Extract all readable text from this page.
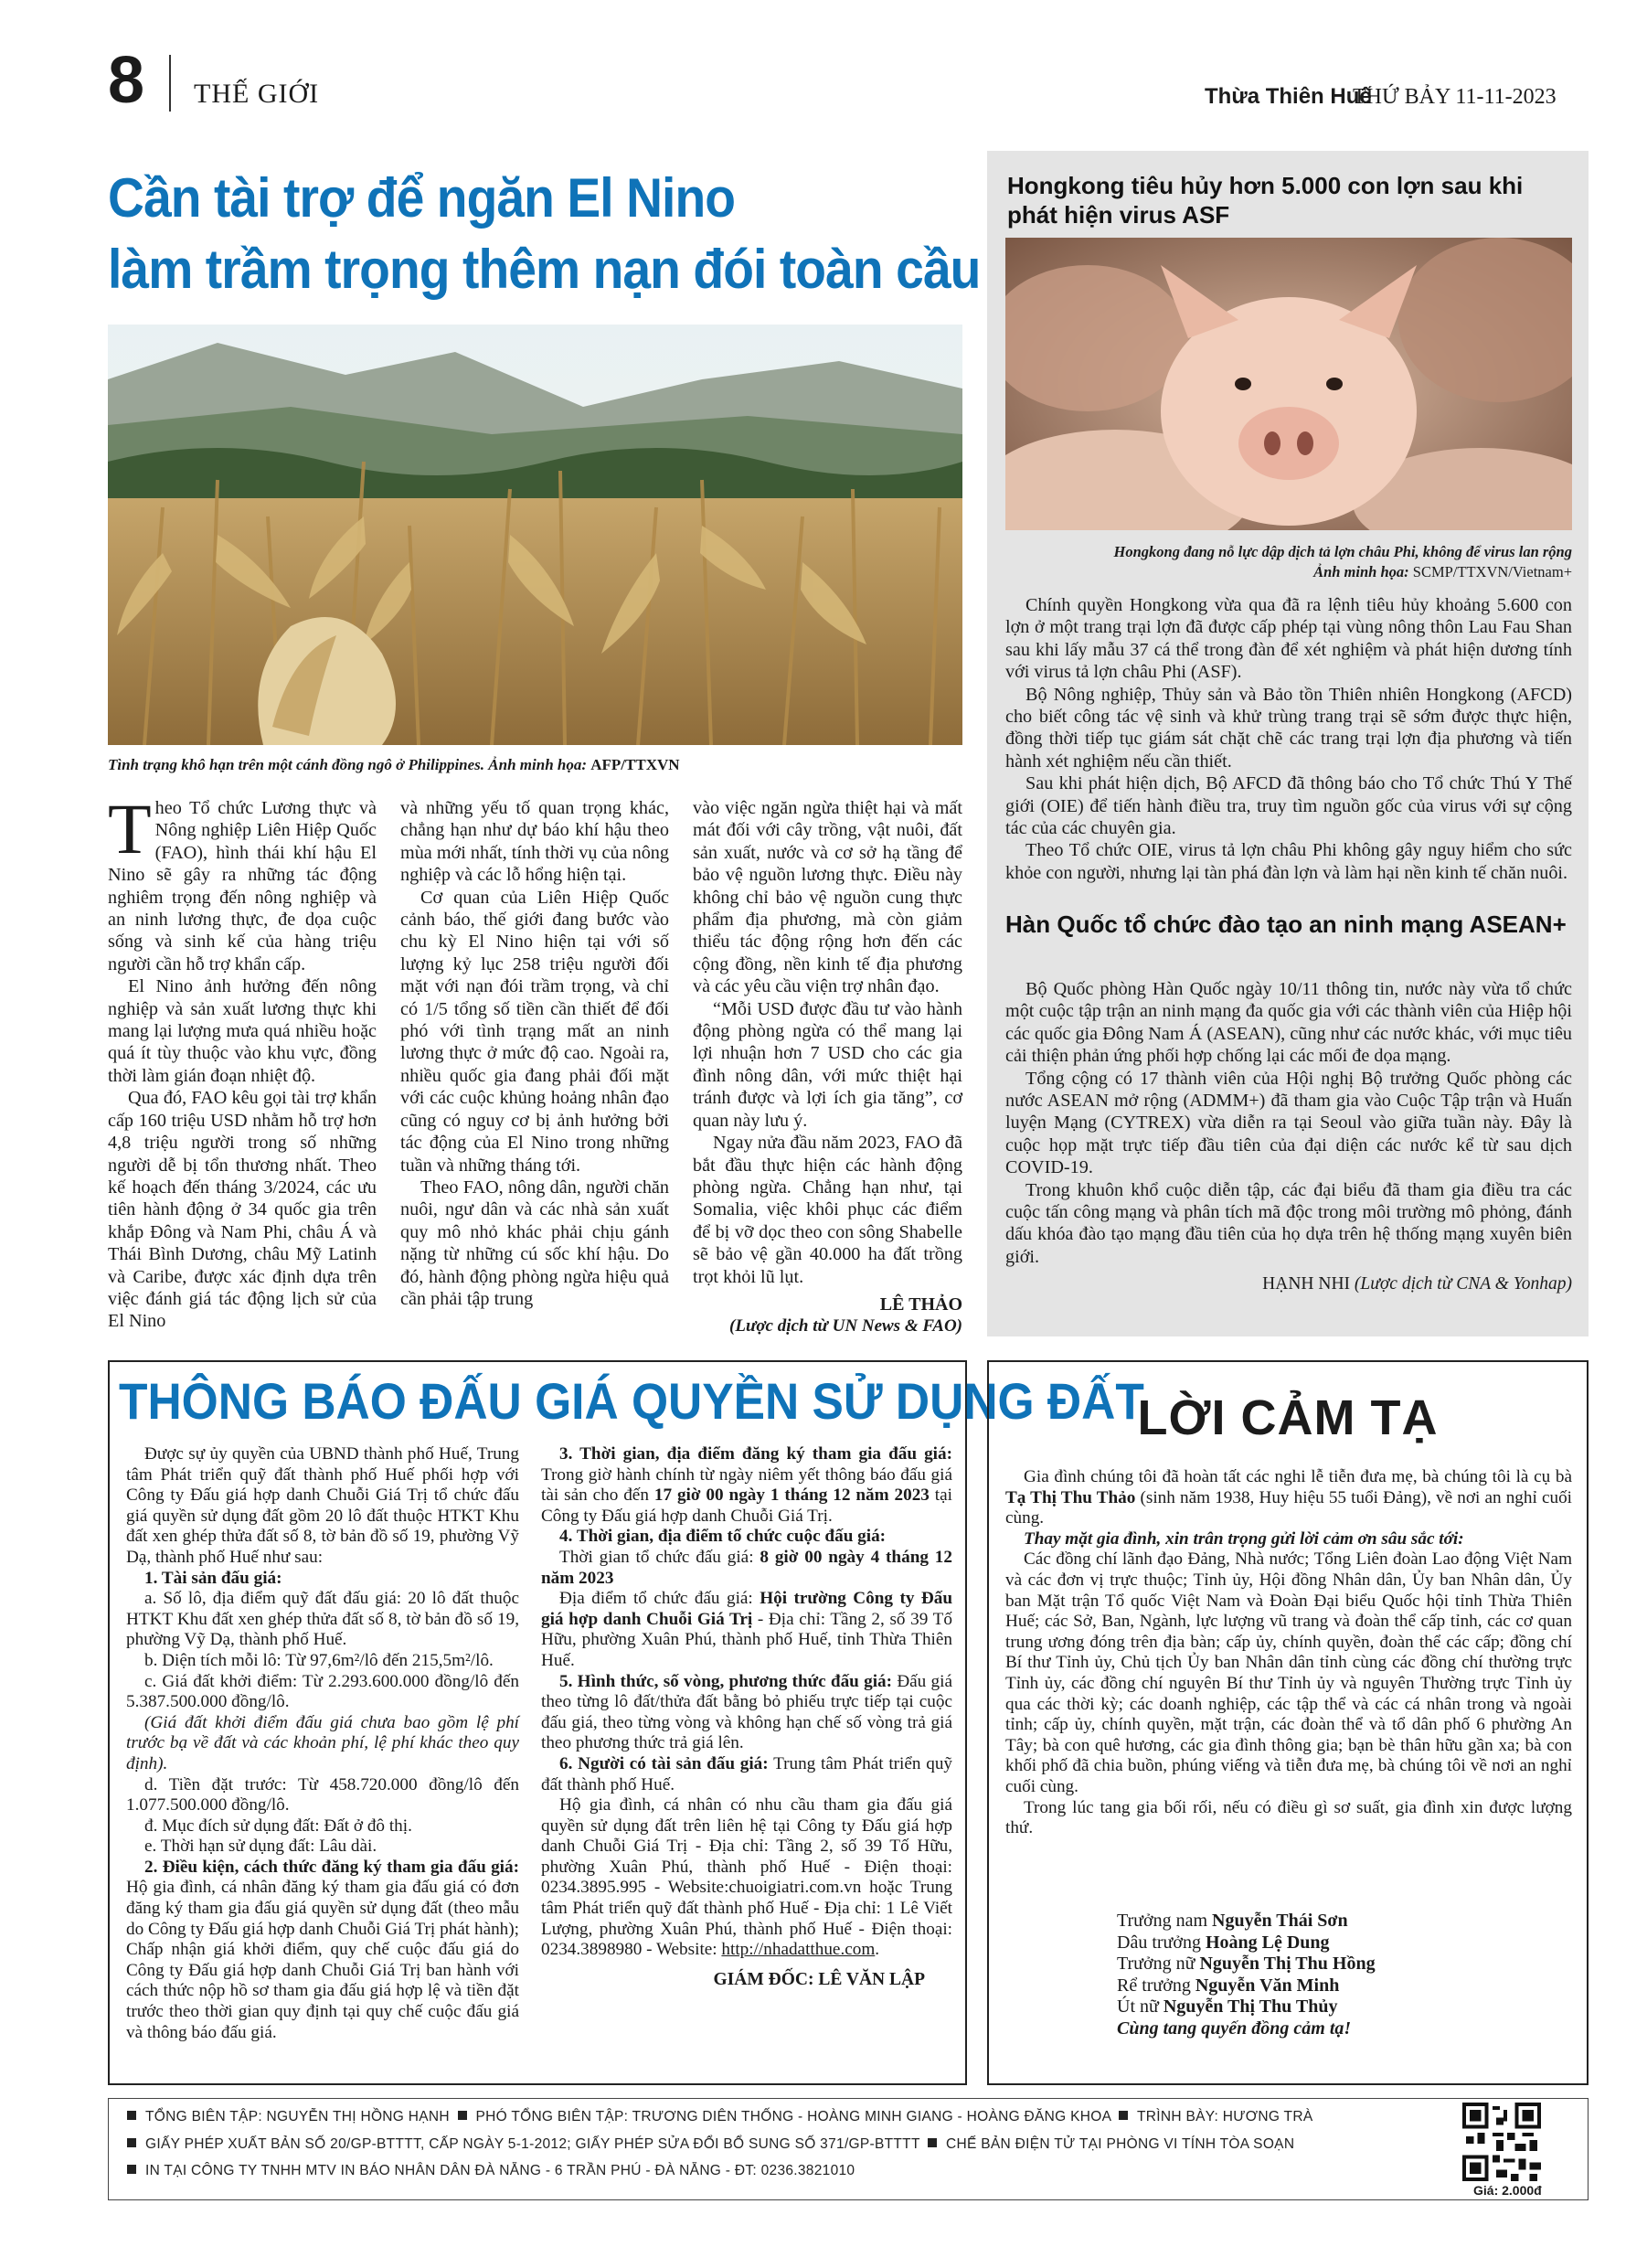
8 THẾ GIỚI	Thừa Thiên Huế
THỨ BẢY 11-11-2023
Cần tài trợ để ngăn El Nino
làm trầm trọng thêm nạn đói toàn cầu
Tình trạng khô hạn trên một cánh đồng ngô ở Philippines. Ảnh minh họa: AFP/TTXVN

Theo Tổ chức Lương thực và Nông nghiệp Liên Hiệp Quốc (FAO), hình thái khí hậu El Nino sẽ gây ra những tác động nghiêm trọng đến nông nghiệp và an ninh lương thực, đe dọa cuộc sống và sinh kế của hàng triệu người cần hỗ trợ khẩn cấp.

El Nino ảnh hưởng đến nông nghiệp và sản xuất lương thực khi mang lại lượng mưa quá nhiều hoặc quá ít tùy thuộc vào khu vực, đồng thời làm gián đoạn nhiệt độ.

Qua đó, FAO kêu gọi tài trợ khẩn cấp 160 triệu USD nhằm hỗ trợ hơn 4,8 triệu người trong số những người dễ bị tổn thương nhất. Theo kế hoạch đến tháng 3/2024, các ưu tiên hành động ở 34 quốc gia trên khắp Đông và Nam Phi, châu Á và Thái Bình Dương, châu Mỹ Latinh và Caribe, được xác định dựa trên việc đánh giá tác động lịch sử của El Nino

và những yếu tố quan trọng khác, chẳng hạn như dự báo khí hậu theo mùa mới nhất, tính thời vụ của nông nghiệp và các lỗ hổng hiện tại.

Cơ quan của Liên Hiệp Quốc cảnh báo, thế giới đang bước vào chu kỳ El Nino hiện tại với số lượng kỷ lục 258 triệu người đối mặt với nạn đói trầm trọng, và chỉ có 1/5 tổng số tiền cần thiết để đối phó với tình trạng mất an ninh lương thực ở mức độ cao. Ngoài ra, nhiều quốc gia đang phải đối mặt với các cuộc khủng hoảng nhân đạo cũng có nguy cơ bị ảnh hưởng bởi tác động của El Nino trong những tuần và những tháng tới.

Theo FAO, nông dân, người chăn nuôi, ngư dân và các nhà sản xuất quy mô nhỏ khác phải chịu gánh nặng từ những cú sốc khí hậu. Do đó, hành động phòng ngừa hiệu quả cần phải tập trung

vào việc ngăn ngừa thiệt hại và mất mát đối với cây trồng, vật nuôi, đất sản xuất, nước và cơ sở hạ tầng để bảo vệ nguồn lương thực. Điều này không chỉ bảo vệ nguồn cung thực phẩm địa phương, mà còn giảm thiểu tác động rộng hơn đến các cộng đồng, nền kinh tế địa phương và các yêu cầu viện trợ nhân đạo.

“Mỗi USD được đầu tư vào hành động phòng ngừa có thể mang lại lợi nhuận hơn 7 USD cho các gia đình nông dân, với mức thiệt hại tránh được và lợi ích gia tăng”, cơ quan này lưu ý.

Ngay nửa đầu năm 2023, FAO đã bắt đầu thực hiện các hành động phòng ngừa. Chẳng hạn như, tại Somalia, việc khôi phục các điểm để bị vỡ dọc theo con sông Shabelle sẽ bảo vệ gần 40.000 ha đất trồng trọt khỏi lũ lụt.

LÊ THẢO
(Lược dịch từ UN News & FAO)
Hongkong tiêu hủy hơn 5.000 con lợn sau khi phát hiện virus ASF
Hongkong đang nỗ lực dập dịch tả lợn châu Phi, không để virus lan rộng
Ảnh minh họa: SCMP/TTXVN/Vietnam+

Chính quyền Hongkong vừa qua đã ra lệnh tiêu hủy khoảng 5.600 con lợn ở một trang trại lợn đã được cấp phép tại vùng nông thôn Lau Fau Shan sau khi lấy mẫu 37 cá thể trong đàn để xét nghiệm và phát hiện dương tính với virus tả lợn châu Phi (ASF).

Bộ Nông nghiệp, Thủy sản và Bảo tồn Thiên nhiên Hongkong (AFCD) cho biết công tác vệ sinh và khử trùng trang trại sẽ sớm được thực hiện, đồng thời tiếp tục giám sát chặt chẽ các trang trại lợn địa phương và tiến hành xét nghiệm nếu cần thiết.

Sau khi phát hiện dịch, Bộ AFCD đã thông báo cho Tổ chức Thú Y Thế giới (OIE) để tiến hành điều tra, truy tìm nguồn gốc của virus với sự cộng tác của các chuyên gia.

Theo Tổ chức OIE, virus tả lợn châu Phi không gây nguy hiểm cho sức khỏe con người, nhưng lại tàn phá đàn lợn và làm hại nền kinh tế chăn nuôi.

Hàn Quốc tổ chức đào tạo an ninh mạng ASEAN+

Bộ Quốc phòng Hàn Quốc ngày 10/11 thông tin, nước này vừa tổ chức một cuộc tập trận an ninh mạng đa quốc gia với các thành viên của Hiệp hội các quốc gia Đông Nam Á (ASEAN), cũng như các nước khác, với mục tiêu cải thiện phản ứng phối hợp chống lại các mối đe dọa mạng.

Tổng cộng có 17 thành viên của Hội nghị Bộ trưởng Quốc phòng các nước ASEAN mở rộng (ADMM+) đã tham gia vào Cuộc Tập trận và Huấn luyện Mạng (CYTREX) vừa diễn ra tại Seoul vào giữa tuần này. Đây là cuộc họp mặt trực tiếp đầu tiên của đại diện các nước kể từ sau dịch COVID-19.

Trong khuôn khổ cuộc diễn tập, các đại biểu đã tham gia điều tra các cuộc tấn công mạng và phân tích mã độc trong môi trường mô phỏng, đánh dấu khóa đào tạo mạng đầu tiên của họ dựa trên hệ thống mạng xuyên biên giới.

HẠNH NHI (Lược dịch từ CNA & Yonhap)
THÔNG BÁO ĐẤU GIÁ QUYỀN SỬ DỤNG ĐẤT

Được sự ủy quyền của UBND thành phố Huế, Trung tâm Phát triển quỹ đất thành phố Huế phối hợp với Công ty Đấu giá hợp danh Chuỗi Giá Trị tổ chức đấu giá quyền sử dụng đất gồm 20 lô đất thuộc HTKT Khu đất xen ghép thửa đất số 8, tờ bản đồ số 19, phường Vỹ Dạ, thành phố Huế như sau:

1. Tài sản đấu giá:

a. Số lô, địa điểm quỹ đất đấu giá: 20 lô đất thuộc HTKT Khu đất xen ghép thửa đất số 8, tờ bản đồ số 19, phường Vỹ Dạ, thành phố Huế.

b. Diện tích mỗi lô: Từ 97,6m²/lô đến 215,5m²/lô.

c. Giá đất khởi điểm: Từ 2.293.600.000 đồng/lô đến 5.387.500.000 đồng/lô.

(Giá đất khởi điểm đấu giá chưa bao gồm lệ phí trước bạ về đất và các khoản phí, lệ phí khác theo quy định).

d. Tiền đặt trước: Từ 458.720.000 đồng/lô đến 1.077.500.000 đồng/lô.

đ. Mục đích sử dụng đất: Đất ở đô thị.

e. Thời hạn sử dụng đất: Lâu dài.

2. Điều kiện, cách thức đăng ký tham gia đấu giá: Hộ gia đình, cá nhân đăng ký tham gia đấu giá có đơn đăng ký tham gia đấu giá quyền sử dụng đất (theo mẫu do Công ty Đấu giá hợp danh Chuỗi Giá Trị phát hành); Chấp nhận giá khởi điểm, quy chế cuộc đấu giá do Công ty Đấu giá hợp danh Chuỗi Giá Trị ban hành với cách thức nộp hồ sơ tham gia đấu giá hợp lệ và tiền đặt trước theo thời gian quy định tại quy chế cuộc đấu giá và thông báo đấu giá.

3. Thời gian, địa điểm đăng ký tham gia đấu giá: Trong giờ hành chính từ ngày niêm yết thông báo đấu giá tài sản cho đến 17 giờ 00 ngày 1 tháng 12 năm 2023 tại Công ty Đấu giá hợp danh Chuỗi Giá Trị.

4. Thời gian, địa điểm tổ chức cuộc đấu giá:

Thời gian tổ chức đấu giá: 8 giờ 00 ngày 4 tháng 12 năm 2023

Địa điểm tổ chức đấu giá: Hội trường Công ty Đấu giá hợp danh Chuỗi Giá Trị - Địa chỉ: Tầng 2, số 39 Tố Hữu, phường Xuân Phú, thành phố Huế, tỉnh Thừa Thiên Huế.

5. Hình thức, số vòng, phương thức đấu giá: Đấu giá theo từng lô đất/thửa đất bằng bỏ phiếu trực tiếp tại cuộc đấu giá, theo từng vòng và không hạn chế số vòng trả giá theo phương thức trả giá lên.

6. Người có tài sản đấu giá: Trung tâm Phát triển quỹ đất thành phố Huế.

Hộ gia đình, cá nhân có nhu cầu tham gia đấu giá quyền sử dụng đất trên liên hệ tại Công ty Đấu giá hợp danh Chuỗi Giá Trị - Địa chỉ: Tầng 2, số 39 Tố Hữu, phường Xuân Phú, thành phố Huế - Điện thoại: 0234.3895.995 - Website:chuoigiatri.com.vn hoặc Trung tâm Phát triển quỹ đất thành phố Huế - Địa chỉ: 1 Lê Viết Lượng, phường Xuân Phú, thành phố Huế - Điện thoại: 0234.3898980 - Website: http://nhadatthue.com.

GIÁM ĐỐC: LÊ VĂN LẬP
LỜI CẢM TẠ

Gia đình chúng tôi đã hoàn tất các nghi lễ tiễn đưa mẹ, bà chúng tôi là cụ bà Tạ Thị Thu Thảo (sinh năm 1938, Huy hiệu 55 tuổi Đảng), về nơi an nghỉ cuối cùng.

Thay mặt gia đình, xin trân trọng gửi lời cảm ơn sâu sắc tới:

Các đồng chí lãnh đạo Đảng, Nhà nước; Tổng Liên đoàn Lao động Việt Nam và các đơn vị trực thuộc; Tỉnh ủy, Hội đồng Nhân dân, Ủy ban Nhân dân, Ủy ban Mặt trận Tổ quốc Việt Nam và Đoàn Đại biểu Quốc hội tỉnh Thừa Thiên Huế; các Sở, Ban, Ngành, lực lượng vũ trang và đoàn thể cấp tỉnh, các cơ quan trung ương đóng trên địa bàn; cấp ủy, chính quyền, đoàn thể các cấp; đồng chí Bí thư Tỉnh ủy, Chủ tịch Ủy ban Nhân dân tỉnh cùng các đồng chí thường trực Tỉnh ủy, các đồng chí nguyên Bí thư Tỉnh ủy và nguyên Thường trực Tỉnh ủy qua các thời kỳ; các doanh nghiệp, các tập thể và các cá nhân trong và ngoài tỉnh; cấp ủy, chính quyền, mặt trận, các đoàn thể và tổ dân phố 6 phường An Tây; bà con quê hương, các gia đình thông gia; bạn bè thân hữu gần xa; bà con khối phố đã chia buồn, phúng viếng và tiễn đưa mẹ, bà chúng tôi về nơi an nghỉ cuối cùng.

Trong lúc tang gia bối rối, nếu có điều gì sơ suất, gia đình xin được lượng thứ.

Trưởng nam Nguyễn Thái Sơn
Dâu trưởng Hoàng Lệ Dung
Trưởng nữ Nguyễn Thị Thu Hồng
Rể trưởng Nguyễn Văn Minh
Út nữ Nguyễn Thị Thu Thủy
Cùng tang quyến đồng cảm tạ!
TỔNG BIÊN TẬP: NGUYỄN THỊ HỒNG HẠNH PHÓ TỔNG BIÊN TẬP: TRƯƠNG DIÊN THỐNG - HOÀNG MINH GIANG - HOÀNG ĐĂNG KHOA TRÌNH BÀY: HƯƠNG TRÀ
GIẤY PHÉP XUẤT BẢN SỐ 20/GP-BTTTT, CẤP NGÀY 5-1-2012; GIẤY PHÉP SỬA ĐỔI BỔ SUNG SỐ 371/GP-BTTTT CHẾ BẢN ĐIỆN TỬ TẠI PHÒNG VI TÍNH TÒA SOẠN
IN TẠI CÔNG TY TNHH MTV IN BÁO NHÂN DÂN ĐÀ NẴNG - 6 TRẦN PHÚ - ĐÀ NẴNG - ĐT: 0236.3821010
Giá: 2.000đ
